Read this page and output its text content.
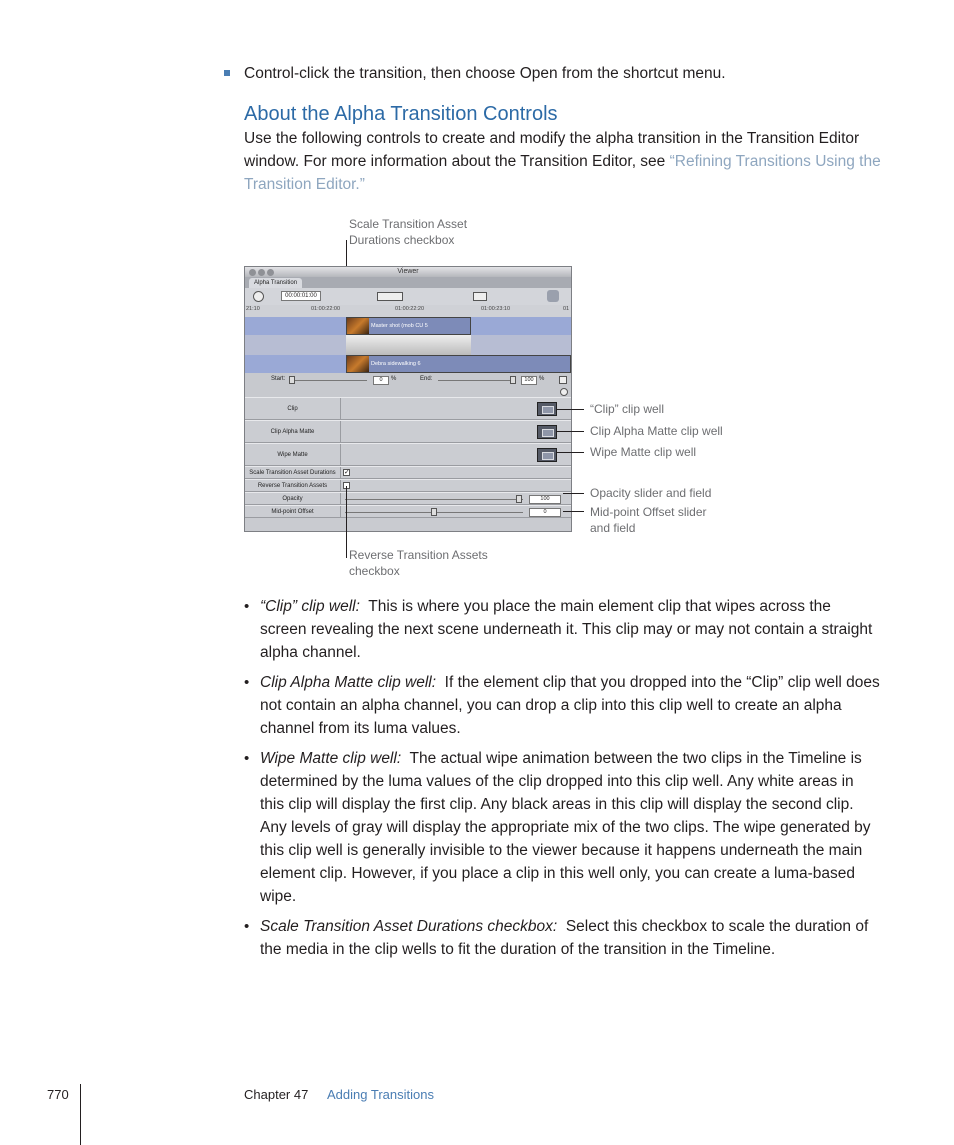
Control-click the transition, then choose Open from the shortcut menu.
About the Alpha Transition Controls
Use the following controls to create and modify the alpha transition in the Transition Editor window. For more information about the Transition Editor, see “Refining Transitions Using the Transition Editor.”
Scale Transition Asset Durations checkbox
Viewer
Alpha Transition
00:00:01:00
21:10	01:00:22:00	01:00:22:20	01:00:23:10	01
Master shot (mob CU 5
Debra sidewalking 6
Start:	0	%	End:	100 %
Clip
Clip Alpha Matte
Wipe Matte
Scale Transition Asset Durations	✓
Reverse Transition Assets
Opacity	100
Mid-point Offset	0
“Clip” clip well
Clip Alpha Matte clip well
Wipe Matte clip well
Opacity slider and field
Mid-point Offset slider and field
Reverse Transition Assets checkbox
• “Clip” clip well: This is where you place the main element clip that wipes across the screen revealing the next scene underneath it. This clip may or may not contain a straight alpha channel.
• Clip Alpha Matte clip well: If the element clip that you dropped into the “Clip” clip well does not contain an alpha channel, you can drop a clip into this clip well to create an alpha channel from its luma values.
• Wipe Matte clip well: The actual wipe animation between the two clips in the Timeline is determined by the luma values of the clip dropped into this clip well. Any white areas in this clip will display the first clip. Any black areas in this clip will display the second clip. Any levels of gray will display the appropriate mix of the two clips. The wipe generated by this clip well is generally invisible to the viewer because it happens underneath the main element clip. However, if you place a clip in this well only, you can create a luma-based wipe.
• Scale Transition Asset Durations checkbox: Select this checkbox to scale the duration of the media in the clip wells to fit the duration of the transition in the Timeline.
770	Chapter 47 Adding Transitions
